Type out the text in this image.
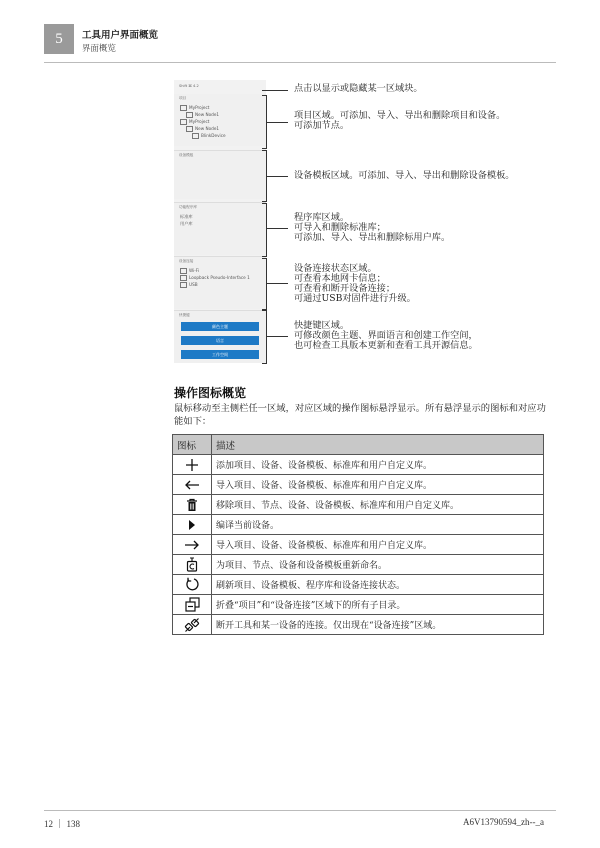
5 工具用户界面概览
界面概览
Shift ⌘ 4.2
项目
MyProject
New Node1
MyProject
New Node1
BlinkDevice
设备模板
功能程序库
标准库
用户库
设备连接
Wi-Fi
Loopback Pseudo-Interface 1
USB
快捷键
颜色主题
语言
工作空间
点击以显示或隐藏某一区域块。
项目区域。可添加、导入、导出和删除项目和设备。
可添加节点。
设备模板区域。可添加、导入、导出和删除设备模板。
程序库区域。
可导入和删除标准库；
可添加、导入、导出和删除标用户库。
设备连接状态区域。
可查看本地网卡信息；
可查看和断开设备连接；
可通过USB对固件进行升级。
快捷键区域。
可修改颜色主题、界面语言和创建工作空间，
也可检查工具版本更新和查看工具开源信息。
操作图标概览
鼠标移动至主侧栏任一区域，对应区域的操作图标悬浮显示。所有悬浮显示的图标和对应功能如下：
图标	描述

	添加项目、设备、设备模板、标准库和用户自定义库。

	导入项目、设备、设备模板、标准库和用户自定义库。

	移除项目、节点、设备、设备模板、标准库和用户自定义库。

	编译当前设备。

	导入项目、设备、设备模板、标准库和用户自定义库。

	为项目、节点、设备和设备模板重新命名。

	刷新项目、设备模板、程序库和设备连接状态。

	折叠“项目”和“设备连接”区域下的所有子目录。

	断开工具和某一设备的连接。仅出现在“设备连接”区域。
12 ｜ 138	A6V13790594_zh--_a
